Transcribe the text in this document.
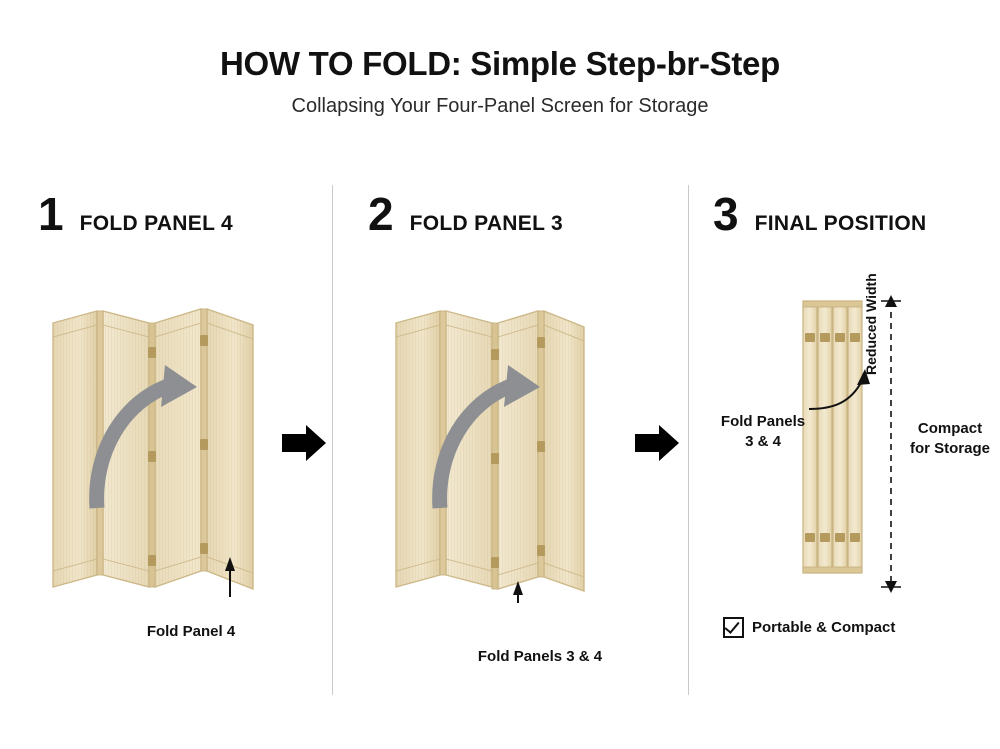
HOW TO FOLD: Simple Step-br-Step
Collapsing Your Four-Panel Screen for Storage
1 FOLD PANEL 4
Fold Panel 4
2 FOLD PANEL 3
Fold Panels 3 & 4
3 FINAL POSITION
Fold Panels
3 & 4
Reduced Width
Compact
for Storage
Portable & Compact
